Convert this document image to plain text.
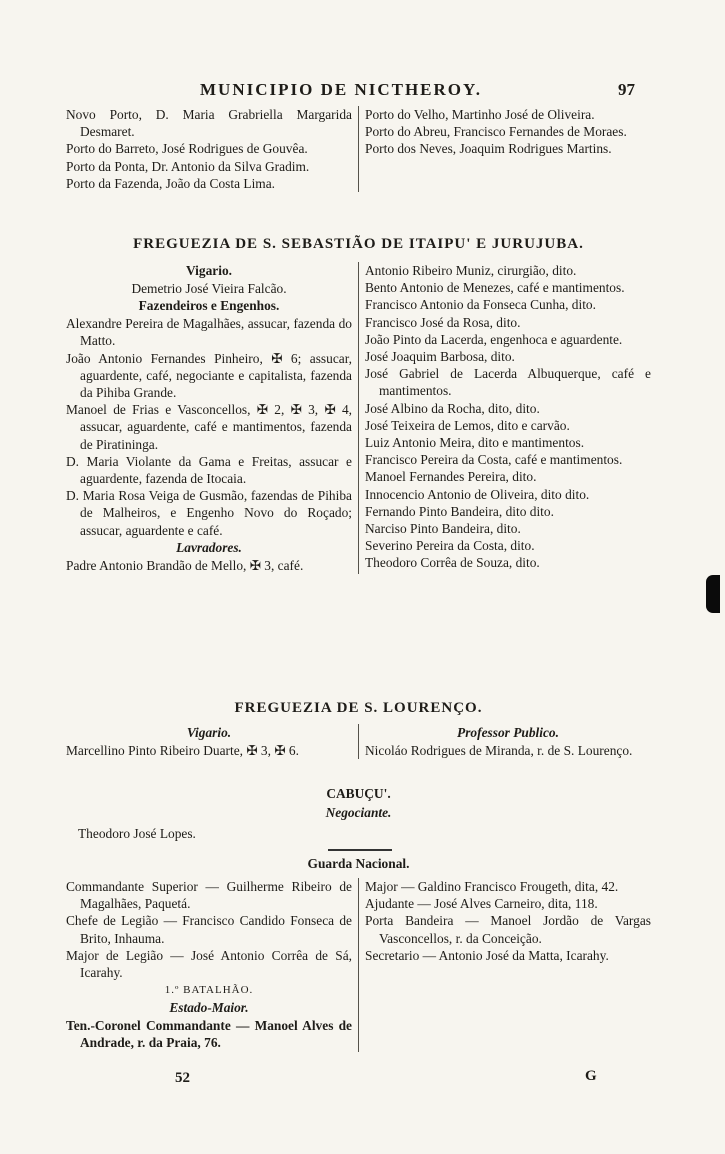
MUNICIPIO DE NICTHEROY.	97
Novo Porto, D. Maria Grabriella Margarida Desmaret.
Porto do Barreto, José Rodrigues de Gouvêa.
Porto da Ponta, Dr. Antonio da Silva Gradim.
Porto da Fazenda, João da Costa Lima.
Porto do Velho, Martinho José de Oliveira.
Porto do Abreu, Francisco Fernandes de Moraes.
Porto dos Neves, Joaquim Rodrigues Martins.
FREGUEZIA DE S. SEBASTIÃO DE ITAIPU' E JURUJUBA.
Vigario.
Demetrio José Vieira Falcão.
Fazendeiros e Engenhos.
Alexandre Pereira de Magalhães, assucar, fazenda do Matto.
João Antonio Fernandes Pinheiro, ✠ 6; assucar, aguardente, café, negociante e capitalista, fazenda da Pihiba Grande.
Manoel de Frias e Vasconcellos, ✠ 2, ✠ 3, ✠ 4, assucar, aguardente, café e mantimentos, fazenda de Piratininga.
D. Maria Violante da Gama e Freitas, assucar e aguardente, fazenda de Itocaia.
D. Maria Rosa Veiga de Gusmão, fazendas de Pihiba de Malheiros, e Engenho Novo do Roçado; assucar, aguardente e café.
Lavradores.
Padre Antonio Brandão de Mello, ✠ 3, café.
Antonio Ribeiro Muniz, cirurgião, dito.
Bento Antonio de Menezes, café e mantimentos.
Francisco Antonio da Fonseca Cunha, dito.
Francisco José da Rosa, dito.
João Pinto da Lacerda, engenhoca e aguardente.
José Joaquim Barbosa, dito.
José Gabriel de Lacerda Albuquerque, café e mantimentos.
José Albino da Rocha, dito, dito.
José Teixeira de Lemos, dito e carvão.
Luiz Antonio Meira, dito e mantimentos.
Francisco Pereira da Costa, café e mantimentos.
Manoel Fernandes Pereira, dito.
Innocencio Antonio de Oliveira, dito dito.
Fernando Pinto Bandeira, dito dito.
Narciso Pinto Bandeira, dito.
Severino Pereira da Costa, dito.
Theodoro Corrêa de Souza, dito.
FREGUEZIA DE S. LOURENÇO.
Vigario.
Marcellino Pinto Ribeiro Duarte, ✠ 3, ✠ 6.
Professor Publico.
Nicoláo Rodrigues de Miranda, r. de S. Lourenço.
CABUÇU'.
Negociante.
Theodoro José Lopes.
Guarda Nacional.
Commandante Superior — Guilherme Ribeiro de Magalhães, Paquetá.
Chefe de Legião — Francisco Candido Fonseca de Brito, Inhauma.
Major de Legião — José Antonio Corrêa de Sá, Icarahy.
1.º BATALHÃO.
Estado-Maior.
Ten.-Coronel Commandante — Manoel Alves de Andrade, r. da Praia, 76.
Major — Galdino Francisco Frougeth, dita, 42.
Ajudante — José Alves Carneiro, dita, 118.
Porta Bandeira — Manoel Jordão de Vargas Vasconcellos, r. da Conceição.
Secretario — Antonio José da Matta, Icarahy.
52	G
